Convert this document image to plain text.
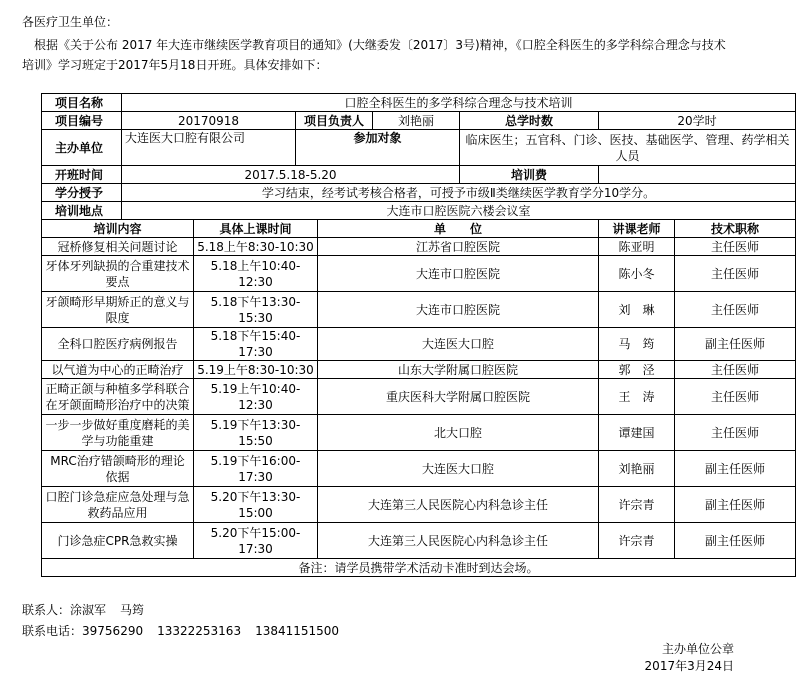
各医疗卫生单位：
根据《关于公布 2017 年大连市继续医学教育项目的通知》(大继委发〔2017〕3号)精神，《口腔全科医生的多学科综合理念与技术
培训》学习班定于2017年5月18日开班。具体安排如下：
项目名称	口腔全科医生的多学科综合理念与技术培训							
项目编号	20170918		项目负责人		刘艳丽	总学时数	20学时	
主办单位	大连医大口腔有限公司		参加对象			临床医生；五官科、门诊、医技、基础医学、管理、药学相关人员		
开班时间	2017.5.18-5.20					培训费		
学分授予	学习结束，经考试考核合格者，可授予市级Ⅱ类继续医学教育学分10学分。							
培训地点	大连市口腔医院六楼会议室							
培训内容		具体上课时间		单　　位			讲课老师	技术职称
冠桥修复相关问题讨论		5.18上午8:30-10:30		江苏省口腔医院			陈亚明	主任医师
牙体牙列缺损的合重建技术要点		5.18上午10:40-12:30		大连市口腔医院			陈小冬	主任医师
牙颌畸形早期矫正的意义与限度		5.18下午13:30-15:30		大连市口腔医院			刘　琳	主任医师
全科口腔医疗病例报告		5.18下午15:40-17:30		大连医大口腔			马　筠	副主任医师
以气道为中心的正畸治疗		5.19上午8:30-10:30		山东大学附属口腔医院			郭　泾	主任医师
正畸正颌与种植多学科联合在牙颌面畸形治疗中的决策		5.19上午10:40-12:30		重庆医科大学附属口腔医院			王　涛	主任医师
一步一步做好重度磨耗的美学与功能重建		5.19下午13:30-15:50		北大口腔			谭建国	主任医师
MRC治疗错颌畸形的理论依据		5.19下午16:00-17:30		大连医大口腔			刘艳丽	副主任医师
口腔门诊急症应急处理与急救药品应用		5.20下午13:30-15:00		大连第三人民医院心内科急诊主任			许宗青	副主任医师
门诊急症CPR急救实操		5.20下午15:00-17:30		大连第三人民医院心内科急诊主任			许宗青	副主任医师
备注：请学员携带学术活动卡准时到达会场。								
联系人：涂淑军 马筠
联系电话：39756290 13322253163 13841151500
主办单位公章
2017年3月24日
